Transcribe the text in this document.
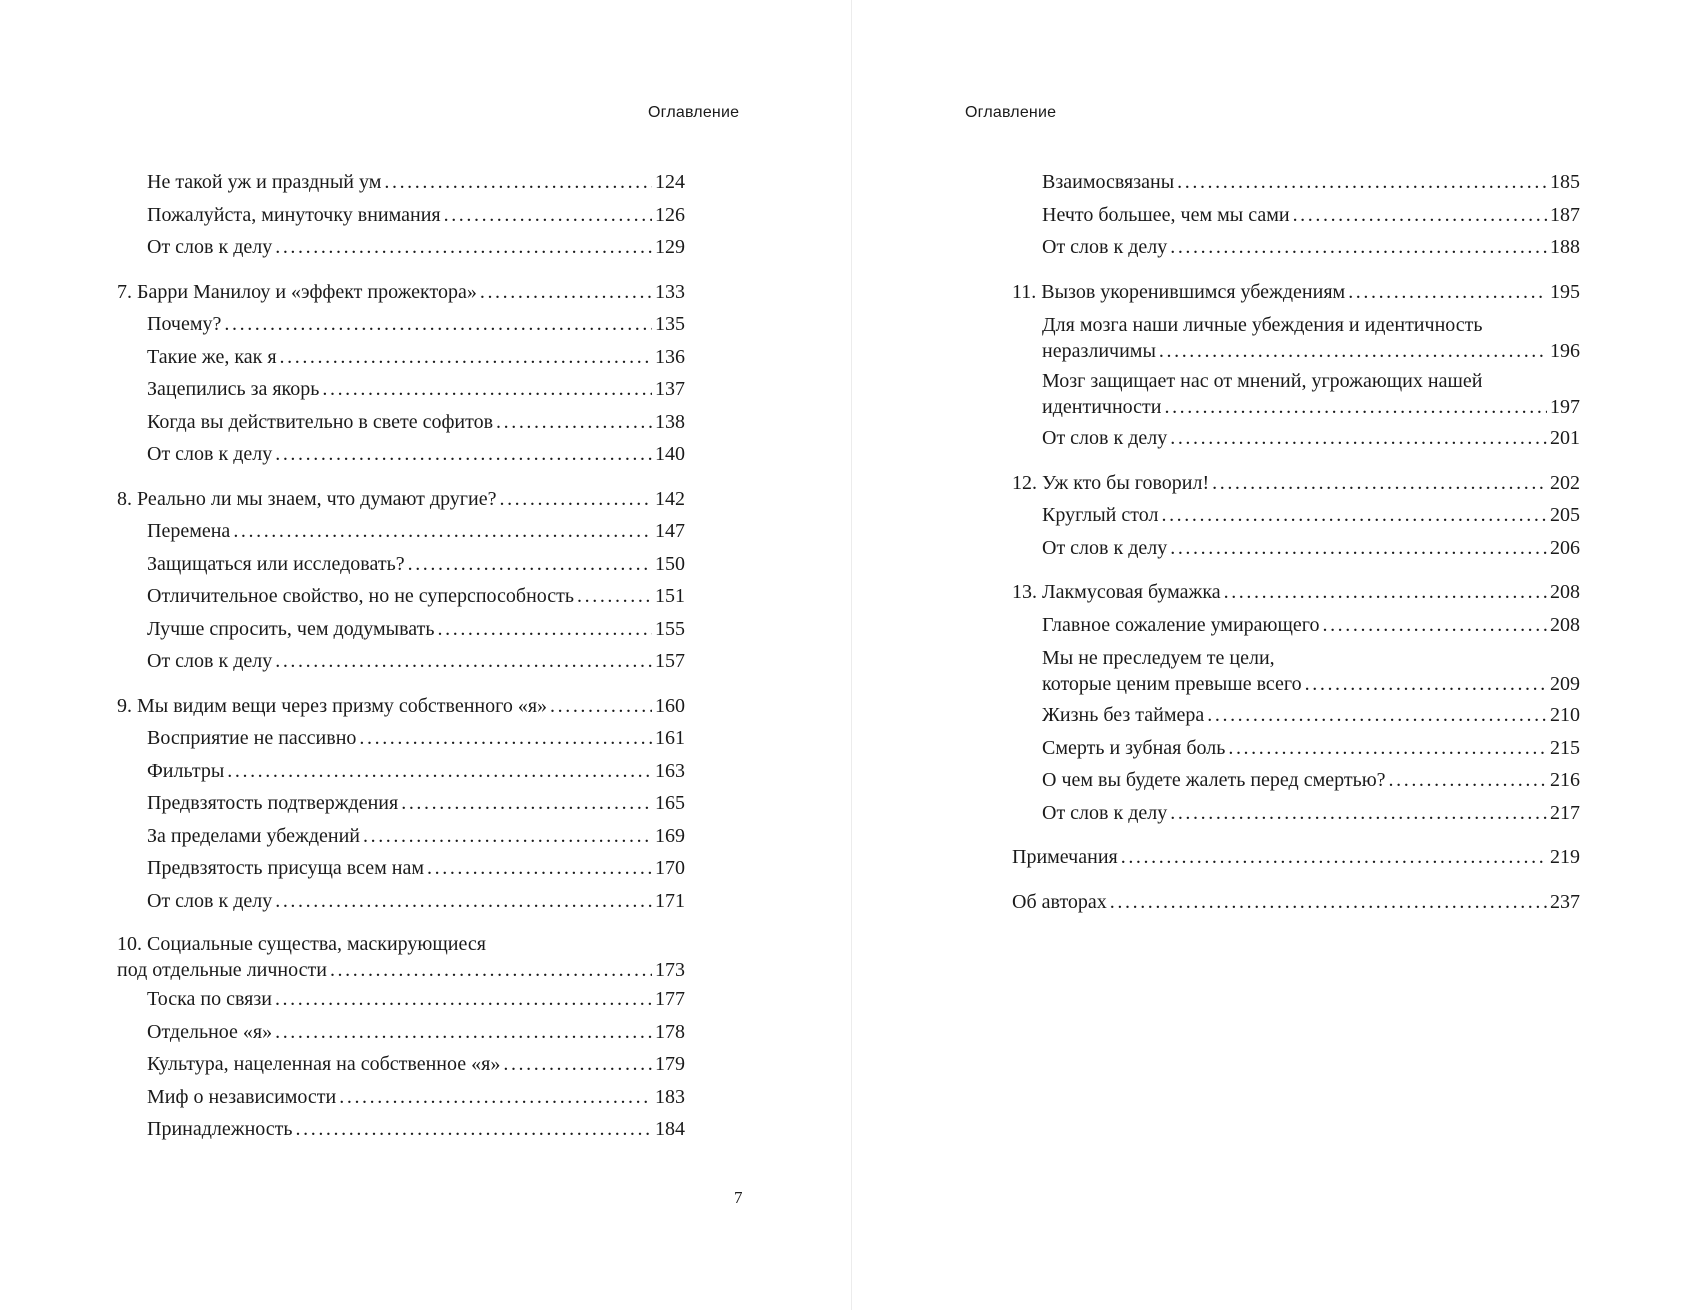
Оглавление
Не такой уж и праздный ум .....	124
Пожалуйста, минуточку внимания .....	126
От слов к делу .....	129
7. Барри Манилоу и «эффект прожектора» .....	133
Почему? .....	135
Такие же, как я .....	136
Зацепились за якорь .....	137
Когда вы действительно в свете софитов .....	138
От слов к делу .....	140
8. Реально ли мы знаем, что думают другие? .....	142
Перемена .....	147
Защищаться или исследовать? .....	150
Отличительное свойство, но не суперспособность .....	151
Лучше спросить, чем додумывать .....	155
От слов к делу .....	157
9. Мы видим вещи через призму собственного «я» .....	160
Восприятие не пассивно .....	161
Фильтры .....	163
Предвзятость подтверждения .....	165
За пределами убеждений .....	169
Предвзятость присуща всем нам .....	170
От слов к делу .....	171
10. Социальные существа, маскирующиеся
под отдельные личности .....	173
Тоска по связи .....	177
Отдельное «я» .....	178
Культура, нацеленная на собственное «я» .....	179
Миф о независимости .....	183
Принадлежность .....	184
7
Оглавление
Взаимосвязаны .....	185
Нечто большее, чем мы сами .....	187
От слов к делу .....	188
11. Вызов укоренившимся убеждениям .....	195
Для мозга наши личные убеждения и идентичность
неразличимы .....	196
Мозг защищает нас от мнений, угрожающих нашей
идентичности .....	197
От слов к делу .....	201
12. Уж кто бы говорил! .....	202
Круглый стол .....	205
От слов к делу .....	206
13. Лакмусовая бумажка .....	208
Главное сожаление умирающего .....	208
Мы не преследуем те цели,
которые ценим превыше всего .....	209
Жизнь без таймера .....	210
Смерть и зубная боль .....	215
О чем вы будете жалеть перед смертью? .....	216
От слов к делу .....	217
Примечания .....	219
Об авторах .....	237
